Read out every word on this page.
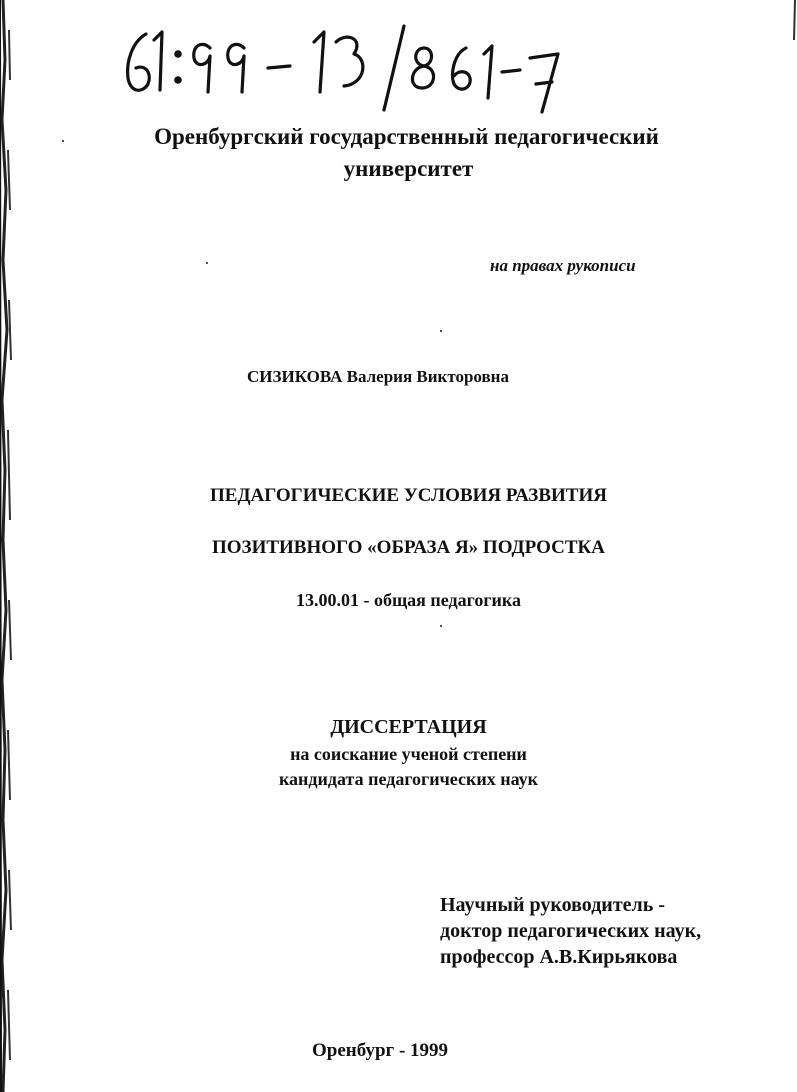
Оренбургский государственный педагогический
университет
на правах рукописи
СИЗИКОВА Валерия Викторовна
ПЕДАГОГИЧЕСКИЕ УСЛОВИЯ РАЗВИТИЯ
ПОЗИТИВНОГО «ОБРАЗА Я» ПОДРОСТКА
13.00.01 - общая педагогика
ДИССЕРТАЦИЯ
на соискание ученой степени
кандидата педагогических наук
Научный руководитель -
доктор педагогических наук,
профессор А.В.Кирьякова
Оренбург - 1999
